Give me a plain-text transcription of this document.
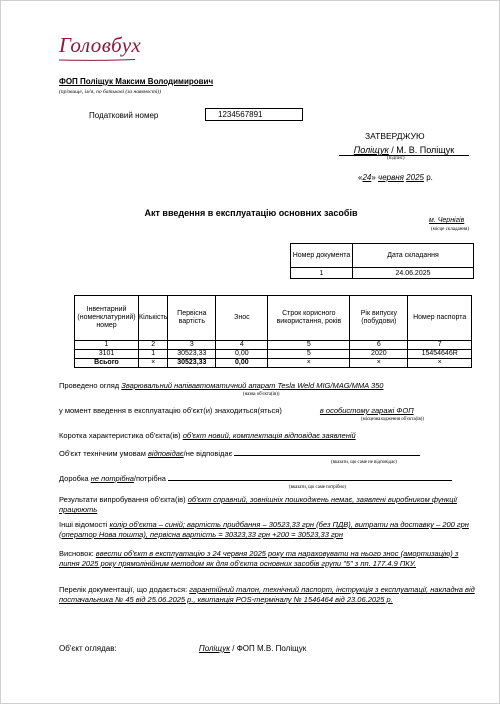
Головбух
ФОП Поліщук Максим Володимирович
(прізвище, ім'я, по батькові (за наявності))
Податковий номер	1234567891
ЗАТВЕРДЖУЮ
Поліщук / М. В. Поліщук
(підпис)
«24» червня 2025 р.
Акт введення в експлуатацію основних засобів
м. Чернігів
(місце складання)
Номер документа	Дата складання
1	24.06.2025
Інвентарний (номенклатурний) номер	Кількість	Первісна вартість	Знос	Строк корисного використання, років	Рік випуску (побудови)	Номер паспорта
1	2	3	4	5	6	7
3101	1	30523,33	0,00	5	2020	15454646R
Всього	×	30523,33	0,00	×	×	×
Проведено огляд Зварювальний напівавтоматичний апарат Tesla Weld MIG/MAG/MMA 350
(назва об'єкта(ів))
у момент введення в експлуатацію об'єкт(и) знаходиться(яться)	в особистому гаражі ФОП
(місцезнаходження об'єкта(ів))
Коротка характеристика об'єкта(ів) об'єкт новий, комплектація відповідає заявленій
Об'єкт технічним умовам відповідає/не відповідає
(вказати, що саме не відповідає)
Доробка не потрібна/потрібна
(вказати, що саме потрібно)
Результати випробування об'єкта(ів) об'єкт справний, зовнішніх пошкоджень немає, заявлені виробником функції працюють
Інші відомості колір об'єкта – синій; вартість придбання – 30523,33 грн (без ПДВ), витрати на доставку – 200 грн (оператор Нова пошта), первісна вартість = 30323,33 грн +200 = 30523,33 грн
Висновок: ввести об'єкт в експлуатацію з 24 червня 2025 року та нараховувати на нього знос (амортизацію) з липня 2025 року прямолінійним методом як для об'єкта основних засобів групи "5" з пп. 177.4.9 ПКУ.
Перелік документації, що додається: гарантійний талон, технічний паспорт, інструкція з експлуатації, накладна від постачальника № 45 від 25.06.2025 р., квитанція POS-терміналу № 1546464 від 23.06.2025 р.
Об'єкт оглядав:	Поліщук / ФОП М.В. Поліщук
